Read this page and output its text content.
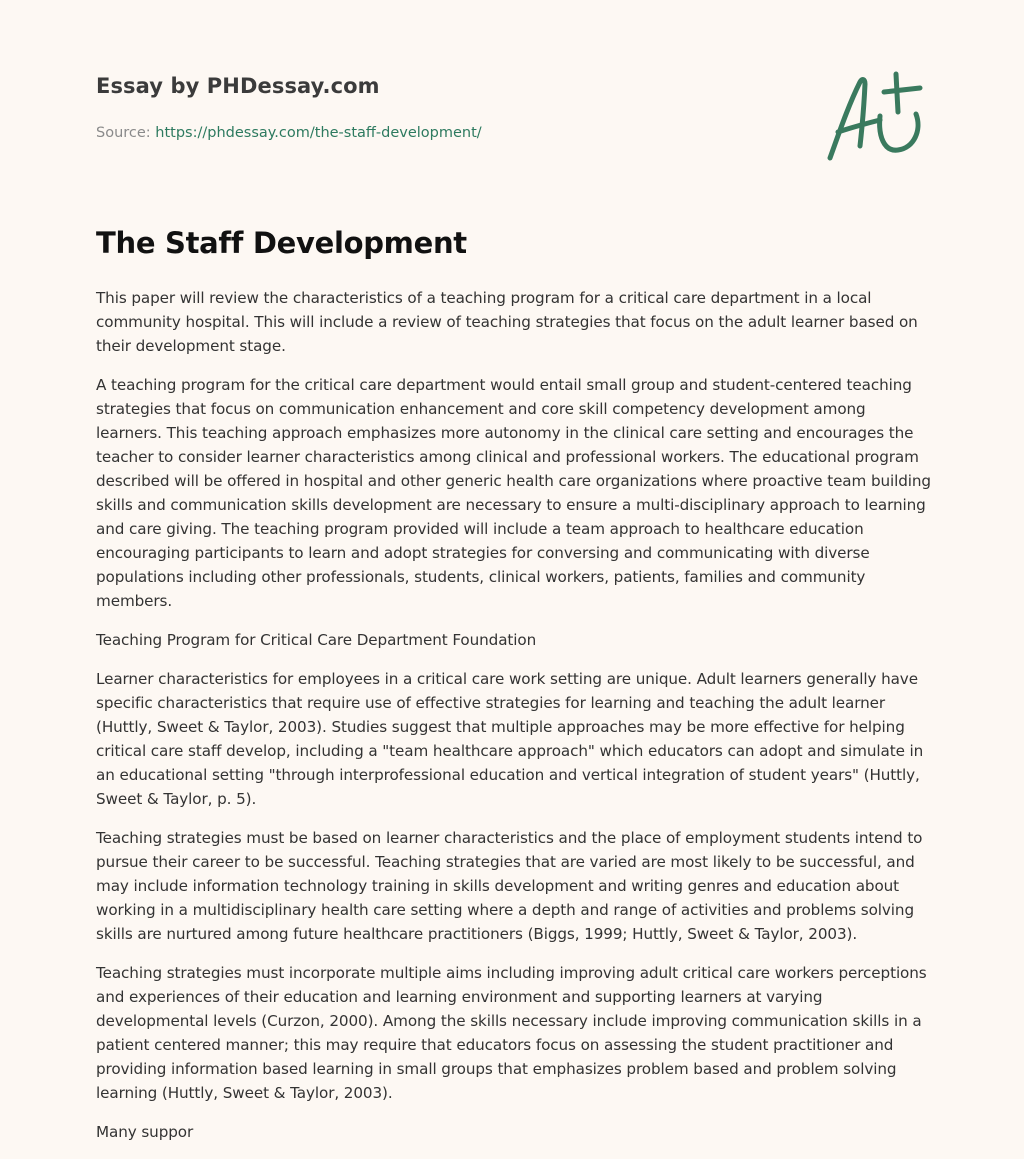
Essay by PHDessay.com
Source: https://phdessay.com/the-staff-development/
The Staff Development

This paper will review the characteristics of a teaching program for a critical care department in a local community hospital. This will include a review of teaching strategies that focus on the adult learner based on their development stage.

A teaching program for the critical care department would entail small group and student-centered teaching strategies that focus on communication enhancement and core skill competency development among learners. This teaching approach emphasizes more autonomy in the clinical care setting and encourages the teacher to consider learner characteristics among clinical and professional workers. The educational program described will be offered in hospital and other generic health care organizations where proactive team building skills and communication skills development are necessary to ensure a multi-disciplinary approach to learning and care giving. The teaching program provided will include a team approach to healthcare education encouraging participants to learn and adopt strategies for conversing and communicating with diverse populations including other professionals, students, clinical workers, patients, families and community members.

Teaching Program for Critical Care Department Foundation

Learner characteristics for employees in a critical care work setting are unique. Adult learners generally have specific characteristics that require use of effective strategies for learning and teaching the adult learner (Huttly, Sweet & Taylor, 2003). Studies suggest that multiple approaches may be more effective for helping critical care staff develop, including a "team healthcare approach" which educators can adopt and simulate in an educational setting "through interprofessional education and vertical integration of student years" (Huttly, Sweet & Taylor, p. 5).

Teaching strategies must be based on learner characteristics and the place of employment students intend to pursue their career to be successful. Teaching strategies that are varied are most likely to be successful, and may include information technology training in skills development and writing genres and education about working in a multidisciplinary health care setting where a depth and range of activities and problems solving skills are nurtured among future healthcare practitioners (Biggs, 1999; Huttly, Sweet & Taylor, 2003).

Teaching strategies must incorporate multiple aims including improving adult critical care workers perceptions and experiences of their education and learning environment and supporting learners at varying developmental levels (Curzon, 2000). Among the skills necessary include improving communication skills in a patient centered manner; this may require that educators focus on assessing the student practitioner and providing information based learning in small groups that emphasizes problem based and problem solving learning (Huttly, Sweet & Taylor, 2003).

Many suppor
